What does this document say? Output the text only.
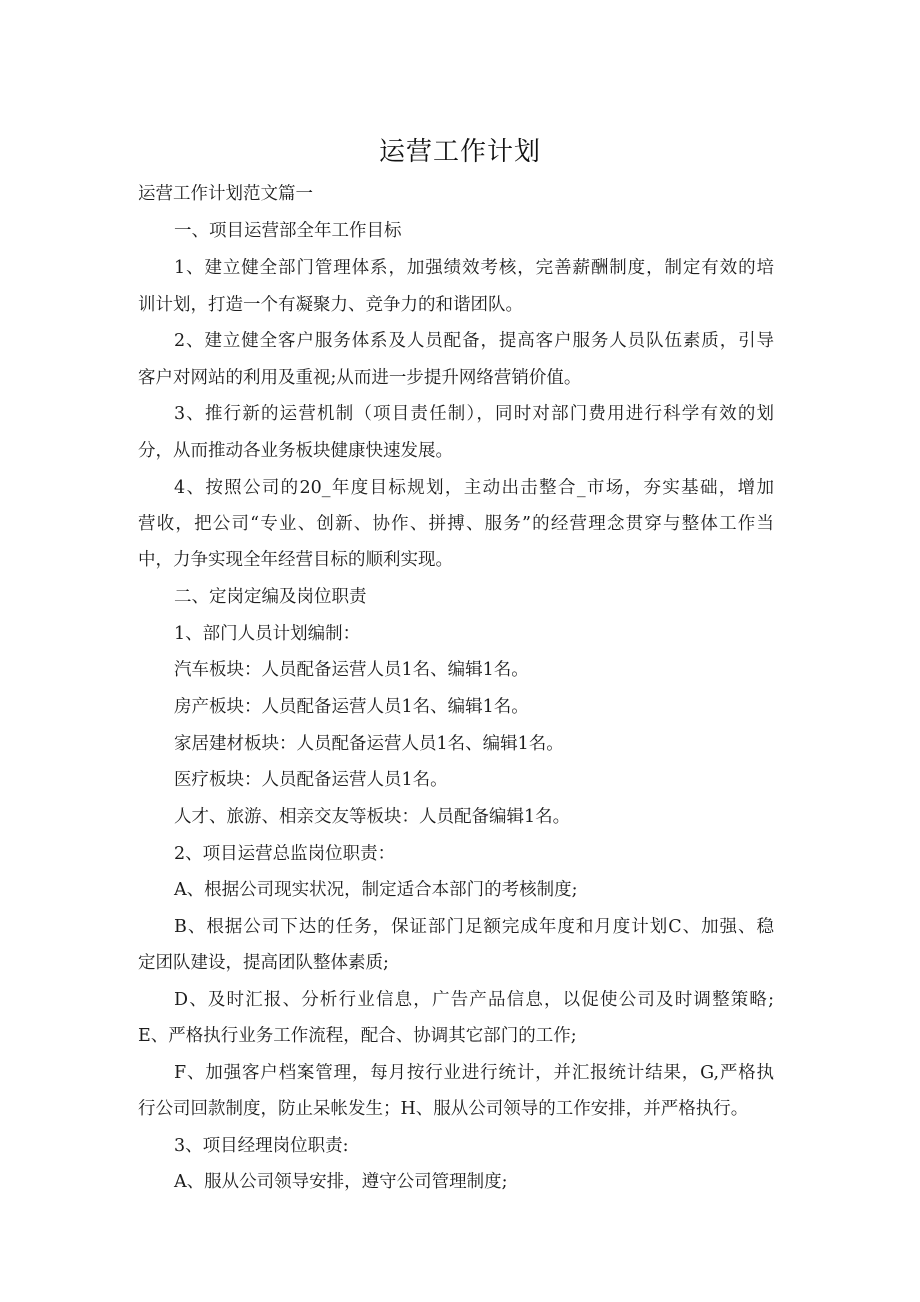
运营工作计划
运营工作计划范文篇一
一、项目运营部全年工作目标
1、建立健全部门管理体系，加强绩效考核，完善薪酬制度，制定有效的培
训计划，打造一个有凝聚力、竞争力的和谐团队。
2、建立健全客户服务体系及人员配备，提高客户服务人员队伍素质，引导
客户对网站的利用及重视;从而进一步提升网络营销价值。
3、推行新的运营机制（项目责任制），同时对部门费用进行科学有效的划
分，从而推动各业务板块健康快速发展。
4、按照公司的20_年度目标规划，主动出击整合_市场，夯实基础，增加
营收，把公司“专业、创新、协作、拼搏、服务”的经营理念贯穿与整体工作当
中，力争实现全年经营目标的顺利实现。
二、定岗定编及岗位职责
1、部门人员计划编制：
汽车板块：人员配备运营人员1名、编辑1名。
房产板块：人员配备运营人员1名、编辑1名。
家居建材板块：人员配备运营人员1名、编辑1名。
医疗板块：人员配备运营人员1名。
人才、旅游、相亲交友等板块：人员配备编辑1名。
2、项目运营总监岗位职责：
A、根据公司现实状况，制定适合本部门的考核制度;
B、根据公司下达的任务，保证部门足额完成年度和月度计划C、加强、稳
定团队建设，提高团队整体素质;
D、及时汇报、分析行业信息，广告产品信息，以促使公司及时调整策略;
E、严格执行业务工作流程，配合、协调其它部门的工作;
F、加强客户档案管理，每月按行业进行统计，并汇报统计结果，G,严格执
行公司回款制度，防止呆帐发生；H、服从公司领导的工作安排，并严格执行。
3、项目经理岗位职责:
A、服从公司领导安排，遵守公司管理制度;
